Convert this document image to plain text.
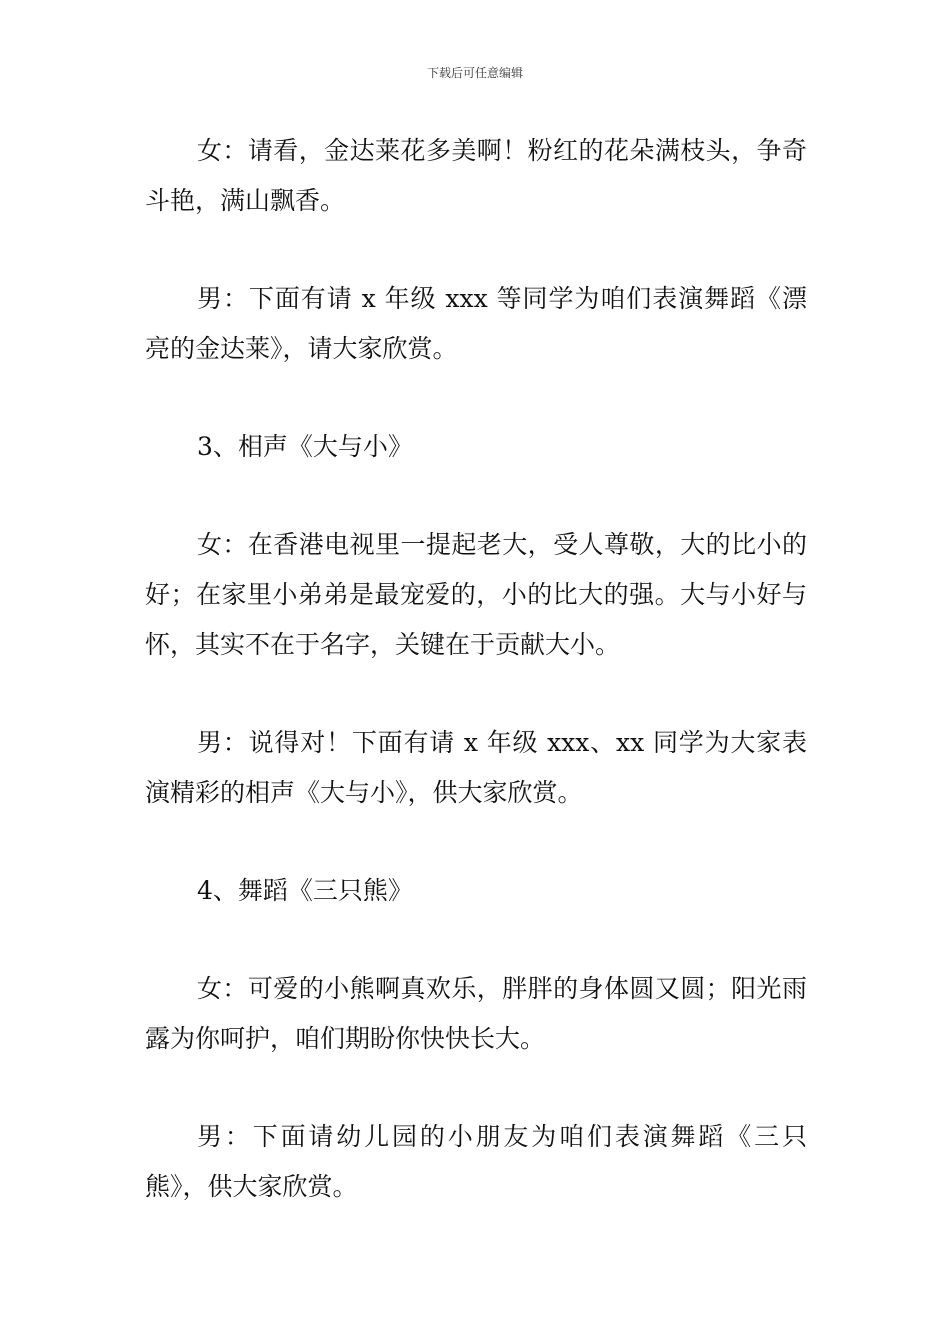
下载后可任意编辑

女：请看，金达莱花多美啊！粉红的花朵满枝头，争奇斗艳，满山飘香。

男：下面有请 x 年级 xxx 等同学为咱们表演舞蹈《漂亮的金达莱》，请大家欣赏。

3、相声《大与小》

女：在香港电视里一提起老大，受人尊敬，大的比小的好；在家里小弟弟是最宠爱的，小的比大的强。大与小好与怀，其实不在于名字，关键在于贡献大小。

男：说得对！下面有请 x 年级 xxx、xx 同学为大家表演精彩的相声《大与小》，供大家欣赏。

4、舞蹈《三只熊》

女：可爱的小熊啊真欢乐，胖胖的身体圆又圆；阳光雨露为你呵护，咱们期盼你快快长大。

男：下面请幼儿园的小朋友为咱们表演舞蹈《三只熊》，供大家欣赏。
